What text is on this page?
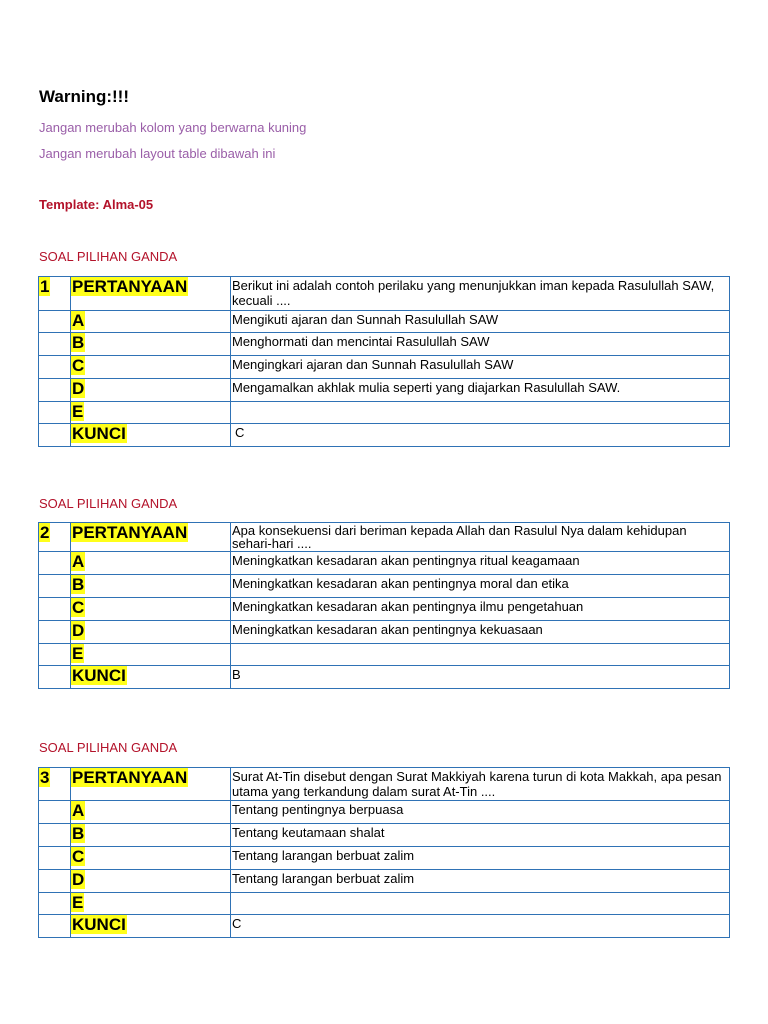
Warning:!!!
Jangan merubah kolom yang berwarna kuning
Jangan merubah layout table dibawah ini
Template: Alma-05
SOAL PILIHAN GANDA
1	PERTANYAAN	Berikut ini adalah contoh perilaku yang menunjukkan iman kepada Rasulullah SAW, kecuali ....

	A	Mengikuti ajaran dan Sunnah Rasulullah SAW

	B	Menghormati dan mencintai Rasulullah SAW

	C	Mengingkari ajaran dan Sunnah Rasulullah SAW

	D	Mengamalkan akhlak mulia seperti yang diajarkan Rasulullah SAW.

	E	

	KUNCI	C
SOAL PILIHAN GANDA
2	PERTANYAAN	Apa konsekuensi dari beriman kepada Allah dan Rasulul Nya dalam kehidupan sehari-hari ....

	A	Meningkatkan kesadaran akan pentingnya ritual keagamaan

	B	Meningkatkan kesadaran akan pentingnya moral dan etika

	C	Meningkatkan kesadaran akan pentingnya ilmu pengetahuan

	D	Meningkatkan kesadaran akan pentingnya kekuasaan

	E	

	KUNCI	B
SOAL PILIHAN GANDA
3	PERTANYAAN	Surat At-Tin disebut dengan Surat Makkiyah karena turun di kota Makkah, apa pesan utama yang terkandung dalam surat At-Tin ....

	A	Tentang pentingnya berpuasa

	B	Tentang keutamaan shalat

	C	Tentang larangan berbuat zalim

	D	Tentang larangan berbuat zalim

	E	

	KUNCI	C
